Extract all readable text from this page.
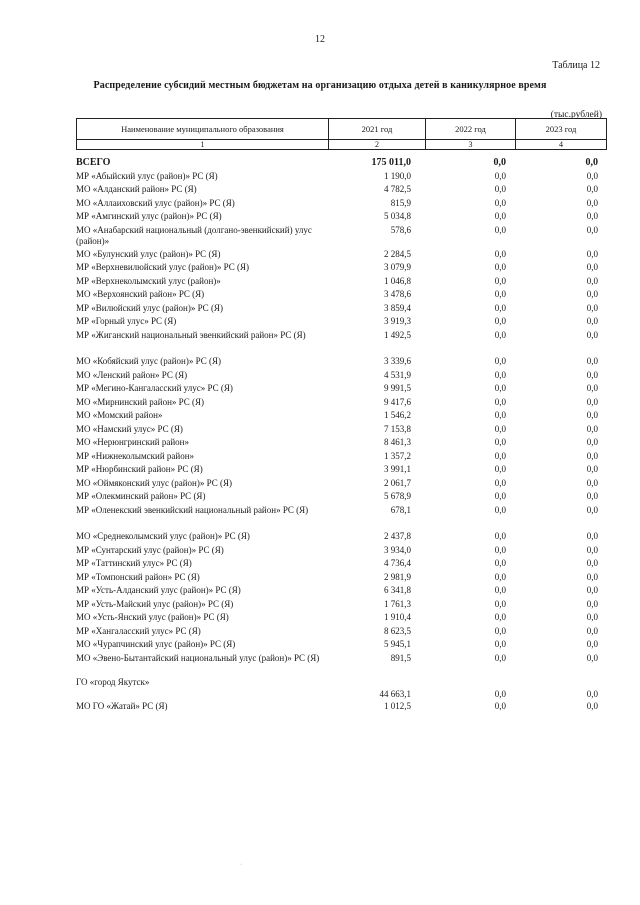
12
Таблица 12
Распределение субсидий местным бюджетам на организацию отдыха детей в каникулярное время
(тыс.рублей)
Наименование муниципального образования	2021 год	2022 год	2023 год
1	2	3	4
ВСЕГО	175 011,0	0,0	0,0
МР «Абыйский улус (район)» РС (Я)	1 190,0	0,0	0,0
МО «Алданский район» РС (Я)	4 782,5	0,0	0,0
МО «Аллаиховский улус (район)» РС (Я)	815,9	0,0	0,0
МР «Амгинский улус (район)» РС (Я)	5 034,8	0,0	0,0
МО «Анабарский национальный (долгано-эвенкийский) улус (район)»
578,6	0,0	0,0
МО «Булунский улус (район)» РС (Я)	2 284,5	0,0	0,0
МР «Верхневилюйский улус (район)» РС (Я)	3 079,9	0,0	0,0
МР «Верхнеколымский улус (район)»	1 046,8	0,0	0,0
МО «Верхоянский район» РС (Я)	3 478,6	0,0	0,0
МР «Вилюйский улус (район)» РС (Я)	3 859,4	0,0	0,0
МР «Горный улус» РС (Я)	3 919,3	0,0	0,0
МР «Жиганский национальный эвенкийский район» РС (Я)	1 492,5	0,0	0,0
МО «Кобяйский улус (район)» РС (Я)	3 339,6	0,0	0,0
МО «Ленский район» РС (Я)	4 531,9	0,0	0,0
МР «Мегино-Кангаласский улус» РС (Я)	9 991,5	0,0	0,0
МО «Мирнинский район» РС (Я)	9 417,6	0,0	0,0
МО «Момский район»	1 546,2	0,0	0,0
МО «Намский улус» РС (Я)	7 153,8	0,0	0,0
МО «Нерюнгринский район»	8 461,3	0,0	0,0
МР «Нижнеколымский район»	1 357,2	0,0	0,0
МР «Нюрбинский район» РС (Я)	3 991,1	0,0	0,0
МО «Оймяконский улус (район)» РС (Я)	2 061,7	0,0	0,0
МР «Олекминский район» РС (Я)	5 678,9	0,0	0,0
МР «Оленекский эвенкийский национальный район» РС (Я)	678,1	0,0	0,0
МО «Среднеколымский улус (район)» РС (Я)	2 437,8	0,0	0,0
МР «Сунтарский улус (район)» РС (Я)	3 934,0	0,0	0,0
МР «Таттинский улус» РС (Я)	4 736,4	0,0	0,0
МР «Томпонский район» РС (Я)	2 981,9	0,0	0,0
МР «Усть-Алданский улус (район)» РС (Я)	6 341,8	0,0	0,0
МР «Усть-Майский улус (район)» РС (Я)	1 761,3	0,0	0,0
МО «Усть-Янский улус (район)» РС (Я)	1 910,4	0,0	0,0
МР «Хангаласский улус» РС (Я)	8 623,5	0,0	0,0
МО «Чурапчинский улус (район)» РС (Я)	5 945,1	0,0	0,0
МО «Эвено-Бытантайский национальный улус (район)» РС (Я)	891,5	0,0	0,0
ГО «город Якутск»
44 663,1	0,0	0,0
МО ГО «Жатай» РС (Я)	1 012,5	0,0	0,0
·
